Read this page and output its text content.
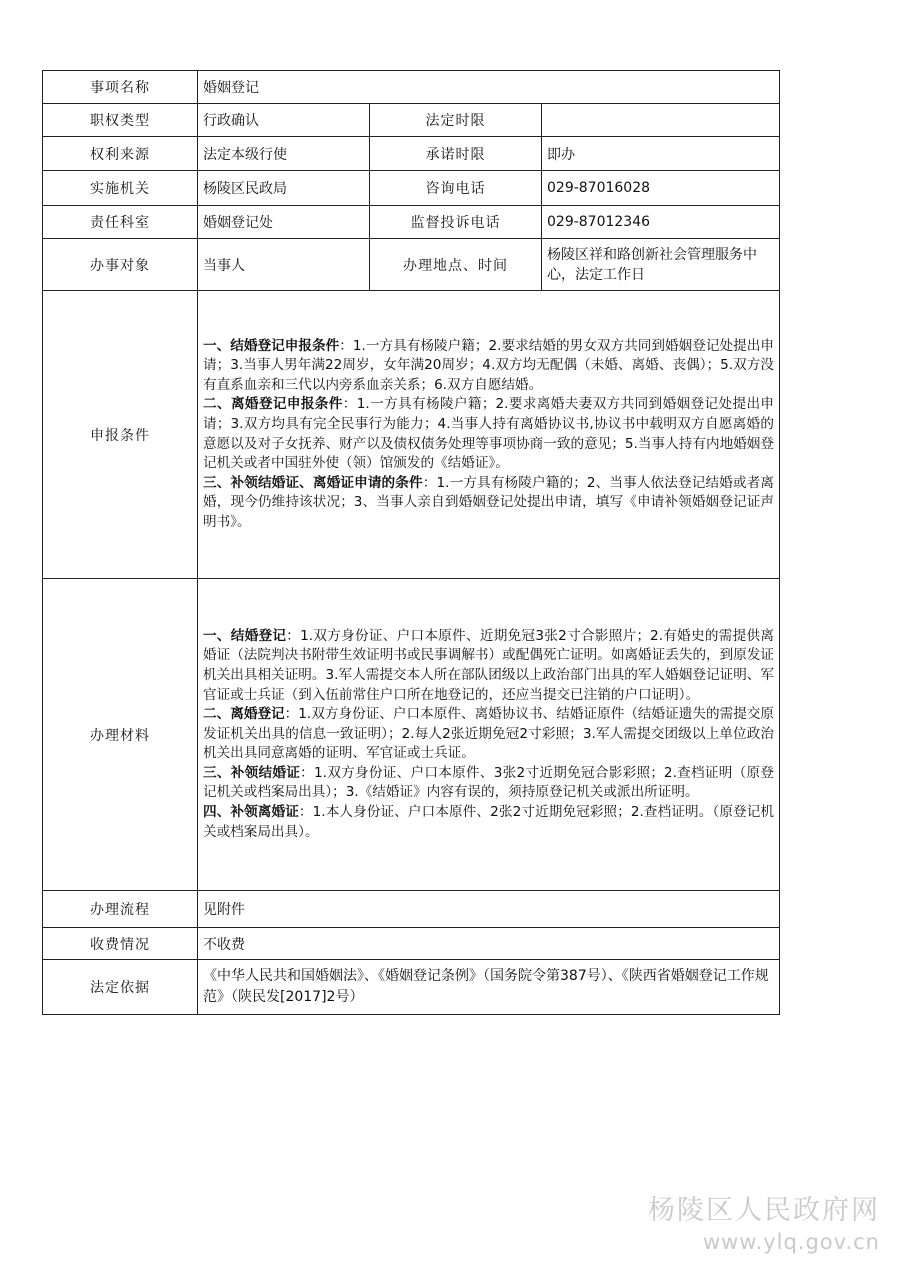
事项名称	婚姻登记		
职权类型	行政确认	法定时限	
权利来源	法定本级行使	承诺时限	即办
实施机关	杨陵区民政局	咨询电话	029-87016028
责任科室	婚姻登记处	监督投诉电话	029-87012346
办事对象	当事人	办理地点、时间	杨陵区祥和路创新社会管理服务中心，法定工作日
申报条件	一、结婚登记申报条件：1.一方具有杨陵户籍；2.要求结婚的男女双方共同到婚姻登记处提出申请；3.当事人男年满22周岁，女年满20周岁；4.双方均无配偶（未婚、离婚、丧偶）；5.双方没有直系血亲和三代以内旁系血亲关系；6.双方自愿结婚。

二、离婚登记申报条件：1.一方具有杨陵户籍；2.要求离婚夫妻双方共同到婚姻登记处提出申请；3.双方均具有完全民事行为能力；4.当事人持有离婚协议书,协议书中载明双方自愿离婚的意愿以及对子女抚养、财产以及债权债务处理等事项协商一致的意见；5.当事人持有内地婚姻登记机关或者中国驻外使（领）馆颁发的《结婚证》。

三、补领结婚证、离婚证申请的条件：1.一方具有杨陵户籍的；2、当事人依法登记结婚或者离婚，现今仍维持该状况；3、当事人亲自到婚姻登记处提出申请，填写《申请补领婚姻登记证声明书》。		

办理材料	一、结婚登记：1.双方身份证、户口本原件、近期免冠3张2寸合影照片；2.有婚史的需提供离婚证（法院判决书附带生效证明书或民事调解书）或配偶死亡证明。如离婚证丢失的，到原发证机关出具相关证明。3.军人需提交本人所在部队团级以上政治部门出具的军人婚姻登记证明、军官证或士兵证（到入伍前常住户口所在地登记的，还应当提交已注销的户口证明）。

二、离婚登记：1.双方身份证、户口本原件、离婚协议书、结婚证原件（结婚证遗失的需提交原发证机关出具的信息一致证明）；2.每人2张近期免冠2寸彩照；3.军人需提交团级以上单位政治机关出具同意离婚的证明、军官证或士兵证。

三、补领结婚证：1.双方身份证、户口本原件、3张2寸近期免冠合影彩照；2.查档证明（原登记机关或档案局出具）；3.《结婚证》内容有误的，须持原登记机关或派出所证明。

四、补领离婚证：1.本人身份证、户口本原件、2张2寸近期免冠彩照；2.查档证明。（原登记机关或档案局出具）。		

办理流程	见附件		
收费情况	不收费		
法定依据	《中华人民共和国婚姻法》、《婚姻登记条例》（国务院令第387号）、《陕西省婚姻登记工作规范》（陕民发[2017]2号）		
杨陵区人民政府网
www.ylq.gov.cn
